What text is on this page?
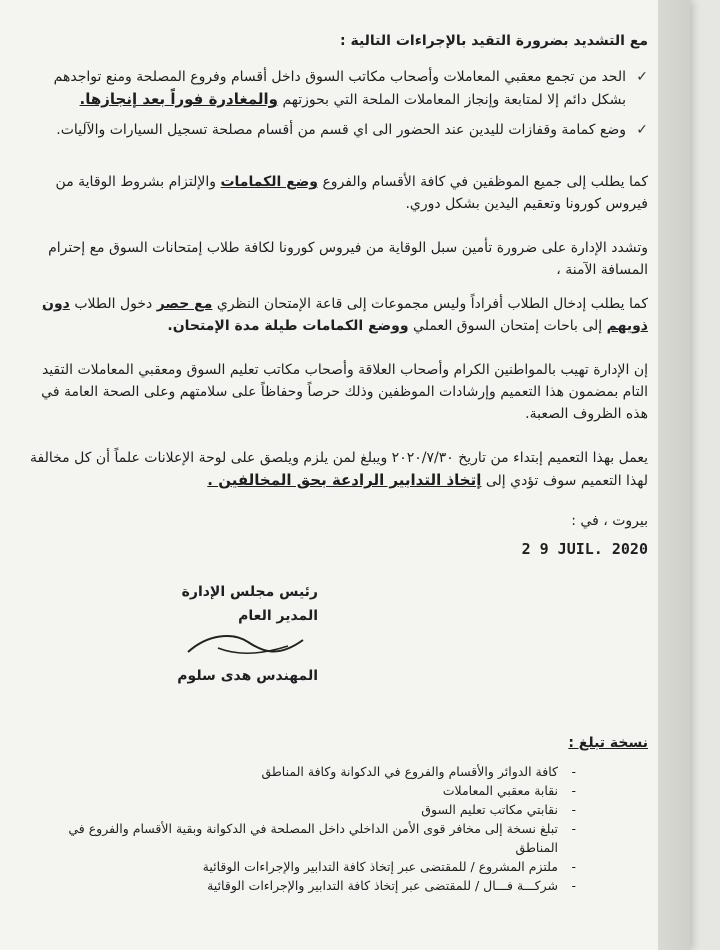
مع التشديد بضرورة التقيد بالإجراءات التالية :

✓
الحد من تجمع معقبي المعاملات وأصحاب مكاتب السوق داخل أقسام وفروع المصلحة ومنع تواجدهم بشكل دائم إلا لمتابعة وإنجاز المعاملات الملحة التي بحوزتهم والمغادرة فوراً بعد إنجازها.
✓
وضع كمامة وقفازات لليدين عند الحضور الى اي قسم من أقسام مصلحة تسجيل السيارات والآليات.

كما يطلب إلى جميع الموظفين في كافة الأقسام والفروع وضع الكمامات والإلتزام بشروط الوقاية من فيروس كورونا وتعقيم اليدين بشكل دوري.

وتشدد الإدارة على ضرورة تأمين سبل الوقاية من فيروس كورونا لكافة طلاب إمتحانات السوق مع إحترام المسافة الآمنة ،

كما يطلب إدخال الطلاب أفراداً وليس مجموعات إلى قاعة الإمتحان النظري مع حصر دخول الطلاب دون ذويهم إلى باحات إمتحان السوق العملي ووضع الكمامات طيلة مدة الإمتحان.

إن الإدارة تهيب بالمواطنين الكرام وأصحاب العلاقة وأصحاب مكاتب تعليم السوق ومعقبي المعاملات التقيد التام بمضمون هذا التعميم وإرشادات الموظفين وذلك حرصاً وحفاظاً على سلامتهم وعلى الصحة العامة في هذه الظروف الصعبة.

يعمل بهذا التعميم إبتداء من تاريخ ٢٠٢٠/٧/٣٠ ويبلغ لمن يلزم ويلصق على لوحة الإعلانات علماً أن كل مخالفة لهذا التعميم سوف تؤدي إلى إتخاذ التدابير الرادعة بحق المخالفين .

بيروت ، في :
2 9 JUIL. 2020
رئيس مجلس الإدارة
المدير العام
المهندس هدى سلوم
نسخة تبلغ :
- كافة الدوائر والأقسام والفروع في الدكوانة وكافة المناطق
- نقابة معقبي المعاملات
- نقابتي مكاتب تعليم السوق
- تبلغ نسخة إلى مخافر قوى الأمن الداخلي داخل المصلحة في الدكوانة وبقية الأقسام والفروع في المناطق
- ملتزم المشروع / للمقتضى عبر إتخاذ كافة التدابير والإجراءات الوقائية
- شركـــة فـــال / للمقتضى عبر إتخاذ كافة التدابير والإجراءات الوقائية
